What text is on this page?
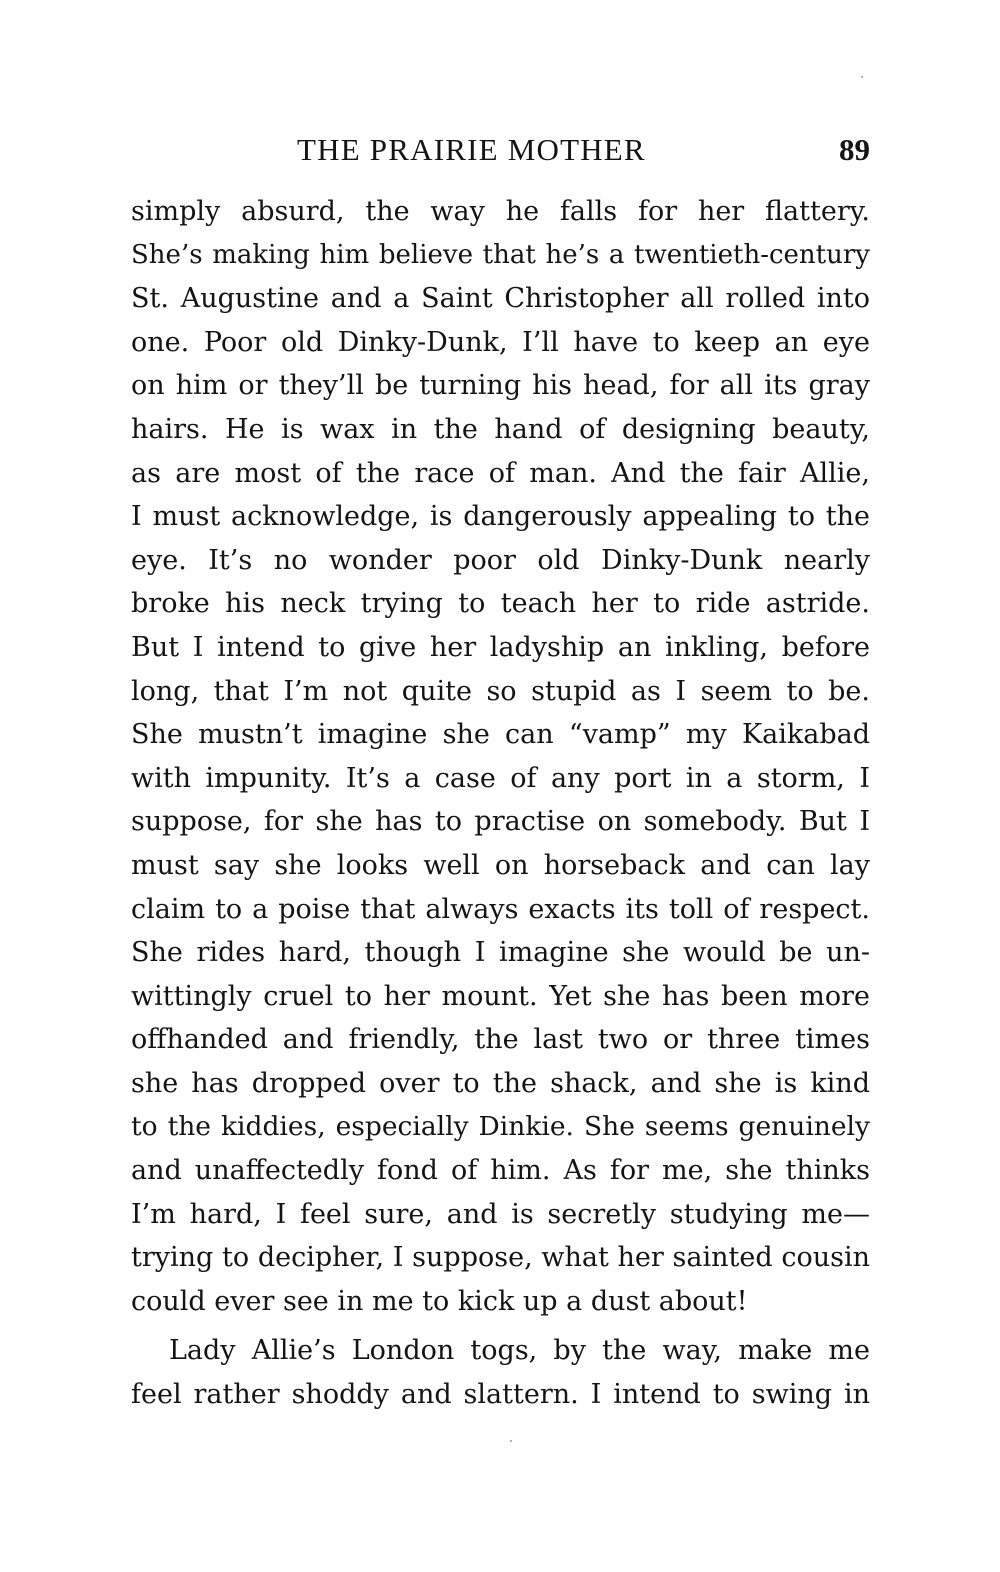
THE PRAIRIE MOTHER	89
simply absurd, the way he falls for her flattery.
She’s making him believe that he’s a twentieth-century
St. Augustine and a Saint Christopher all rolled into
one. Poor old Dinky-Dunk, I’ll have to keep an eye
on him or they’ll be turning his head, for all its gray
hairs. He is wax in the hand of designing beauty,
as are most of the race of man. And the fair Allie,
I must acknowledge, is dangerously appealing to the
eye. It’s no wonder poor old Dinky-Dunk nearly
broke his neck trying to teach her to ride astride.
But I intend to give her ladyship an inkling, before
long, that I’m not quite so stupid as I seem to be.
She mustn’t imagine she can “vamp” my Kaikabad
with impunity. It’s a case of any port in a storm, I
suppose, for she has to practise on somebody. But I
must say she looks well on horseback and can lay
claim to a poise that always exacts its toll of respect.
She rides hard, though I imagine she would be un-
wittingly cruel to her mount. Yet she has been more
offhanded and friendly, the last two or three times
she has dropped over to the shack, and she is kind
to the kiddies, especially Dinkie. She seems genuinely
and unaffectedly fond of him. As for me, she thinks
I’m hard, I feel sure, and is secretly studying me—
trying to decipher, I suppose, what her sainted cousin
could ever see in me to kick up a dust about!
Lady Allie’s London togs, by the way, make me
feel rather shoddy and slattern. I intend to swing in
